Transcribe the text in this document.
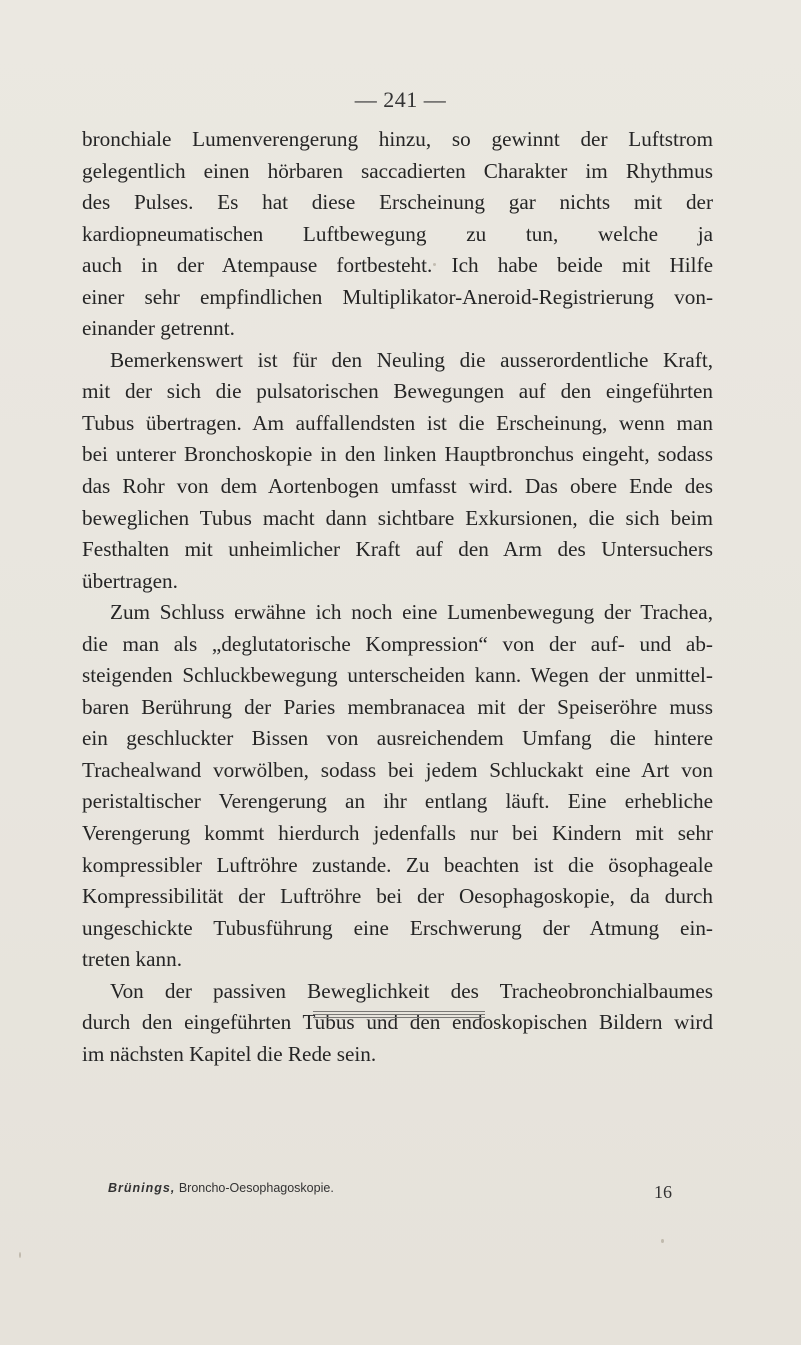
— 241 —

bronchiale Lumenverengerung hinzu, so gewinnt der Luftstrom
gelegentlich einen hörbaren saccadierten Charakter im Rhythmus
des Pulses. Es hat diese Erscheinung gar nichts mit der
kardiopneumatischen Luftbewegung zu tun, welche ja
auch in der Atempause fortbesteht. Ich habe beide mit Hilfe
einer sehr empfindlichen Multiplikator-Aneroid-Registrierung von-
einander getrennt.

Bemerkenswert ist für den Neuling die ausserordentliche Kraft,
mit der sich die pulsatorischen Bewegungen auf den eingeführten
Tubus übertragen. Am auffallendsten ist die Erscheinung, wenn man
bei unterer Bronchoskopie in den linken Hauptbronchus eingeht, sodass
das Rohr von dem Aortenbogen umfasst wird. Das obere Ende des
beweglichen Tubus macht dann sichtbare Exkursionen, die sich beim
Festhalten mit unheimlicher Kraft auf den Arm des Untersuchers
übertragen.

Zum Schluss erwähne ich noch eine Lumenbewegung der Trachea,
die man als „deglutatorische Kompression“ von der auf- und ab-
steigenden Schluckbewegung unterscheiden kann. Wegen der unmittel-
baren Berührung der Paries membranacea mit der Speiseröhre muss
ein geschluckter Bissen von ausreichendem Umfang die hintere
Trachealwand vorwölben, sodass bei jedem Schluckakt eine Art von
peristaltischer Verengerung an ihr entlang läuft. Eine erhebliche
Verengerung kommt hierdurch jedenfalls nur bei Kindern mit sehr
kompressibler Luftröhre zustande. Zu beachten ist die ösophageale
Kompressibilität der Luftröhre bei der Oesophagoskopie, da durch
ungeschickte Tubusführung eine Erschwerung der Atmung ein-
treten kann.

Von der passiven Beweglichkeit des Tracheobronchialbaumes
durch den eingeführten Tubus und den endoskopischen Bildern wird
im nächsten Kapitel die Rede sein.

Brünings, Broncho-Oesophagoskopie.	16
